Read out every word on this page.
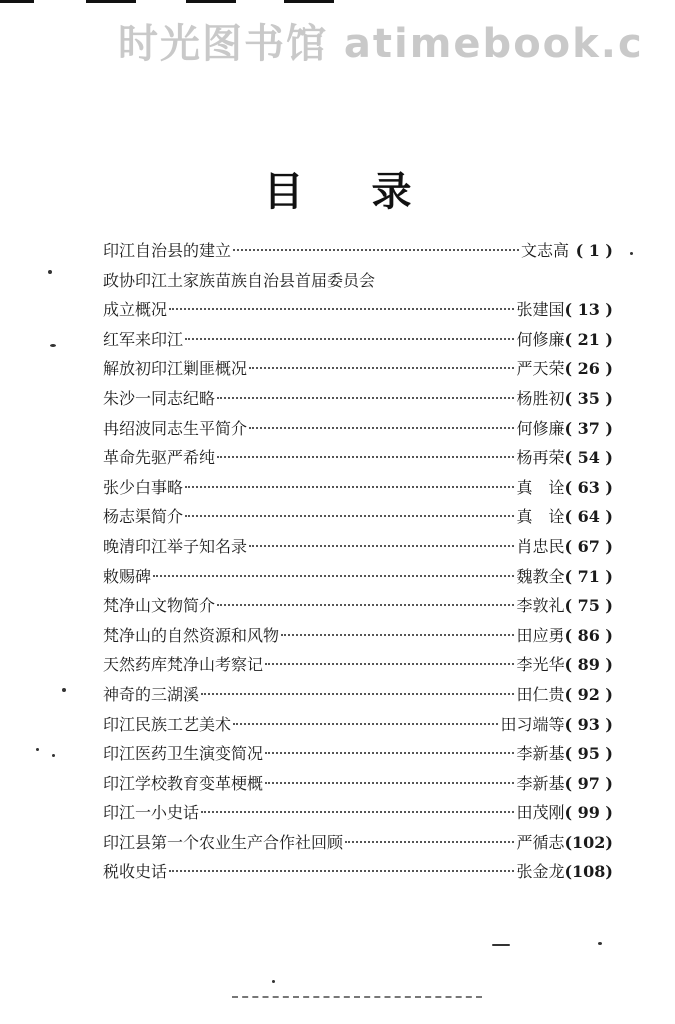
时光图书馆 atimebook.c
目录
印江自治县的建立	文志高 ( 1 )
政协印江土家族苗族自治县首届委员会
成立概况	张建国 ( 13 )
红军来印江	何修廉 ( 21 )
解放初印江剿匪概况	严天荣 ( 26 )
朱沙一同志纪略	杨胜初 ( 35 )
冉绍波同志生平简介	何修廉 ( 37 )
革命先驱严希纯	杨再荣 ( 54 )
张少白事略	真　诠 ( 63 )
杨志渠简介	真　诠 ( 64 )
晚清印江举子知名录	肖忠民 ( 67 )
敕赐碑	魏教全 ( 71 )
梵净山文物简介	李敦礼 ( 75 )
梵净山的自然资源和风物	田应勇 ( 86 )
天然药库梵净山考察记	李光华 ( 89 )
神奇的三湖溪	田仁贵 ( 92 )
印江民族工艺美术	田习端等 ( 93 )
印江医药卫生演变简况	李新基 ( 95 )
印江学校教育变革梗概	李新基 ( 97 )
印江一小史话	田茂刚 ( 99 )
印江县第一个农业生产合作社回顾	严循志 (102)
税收史话	张金龙 (108)
